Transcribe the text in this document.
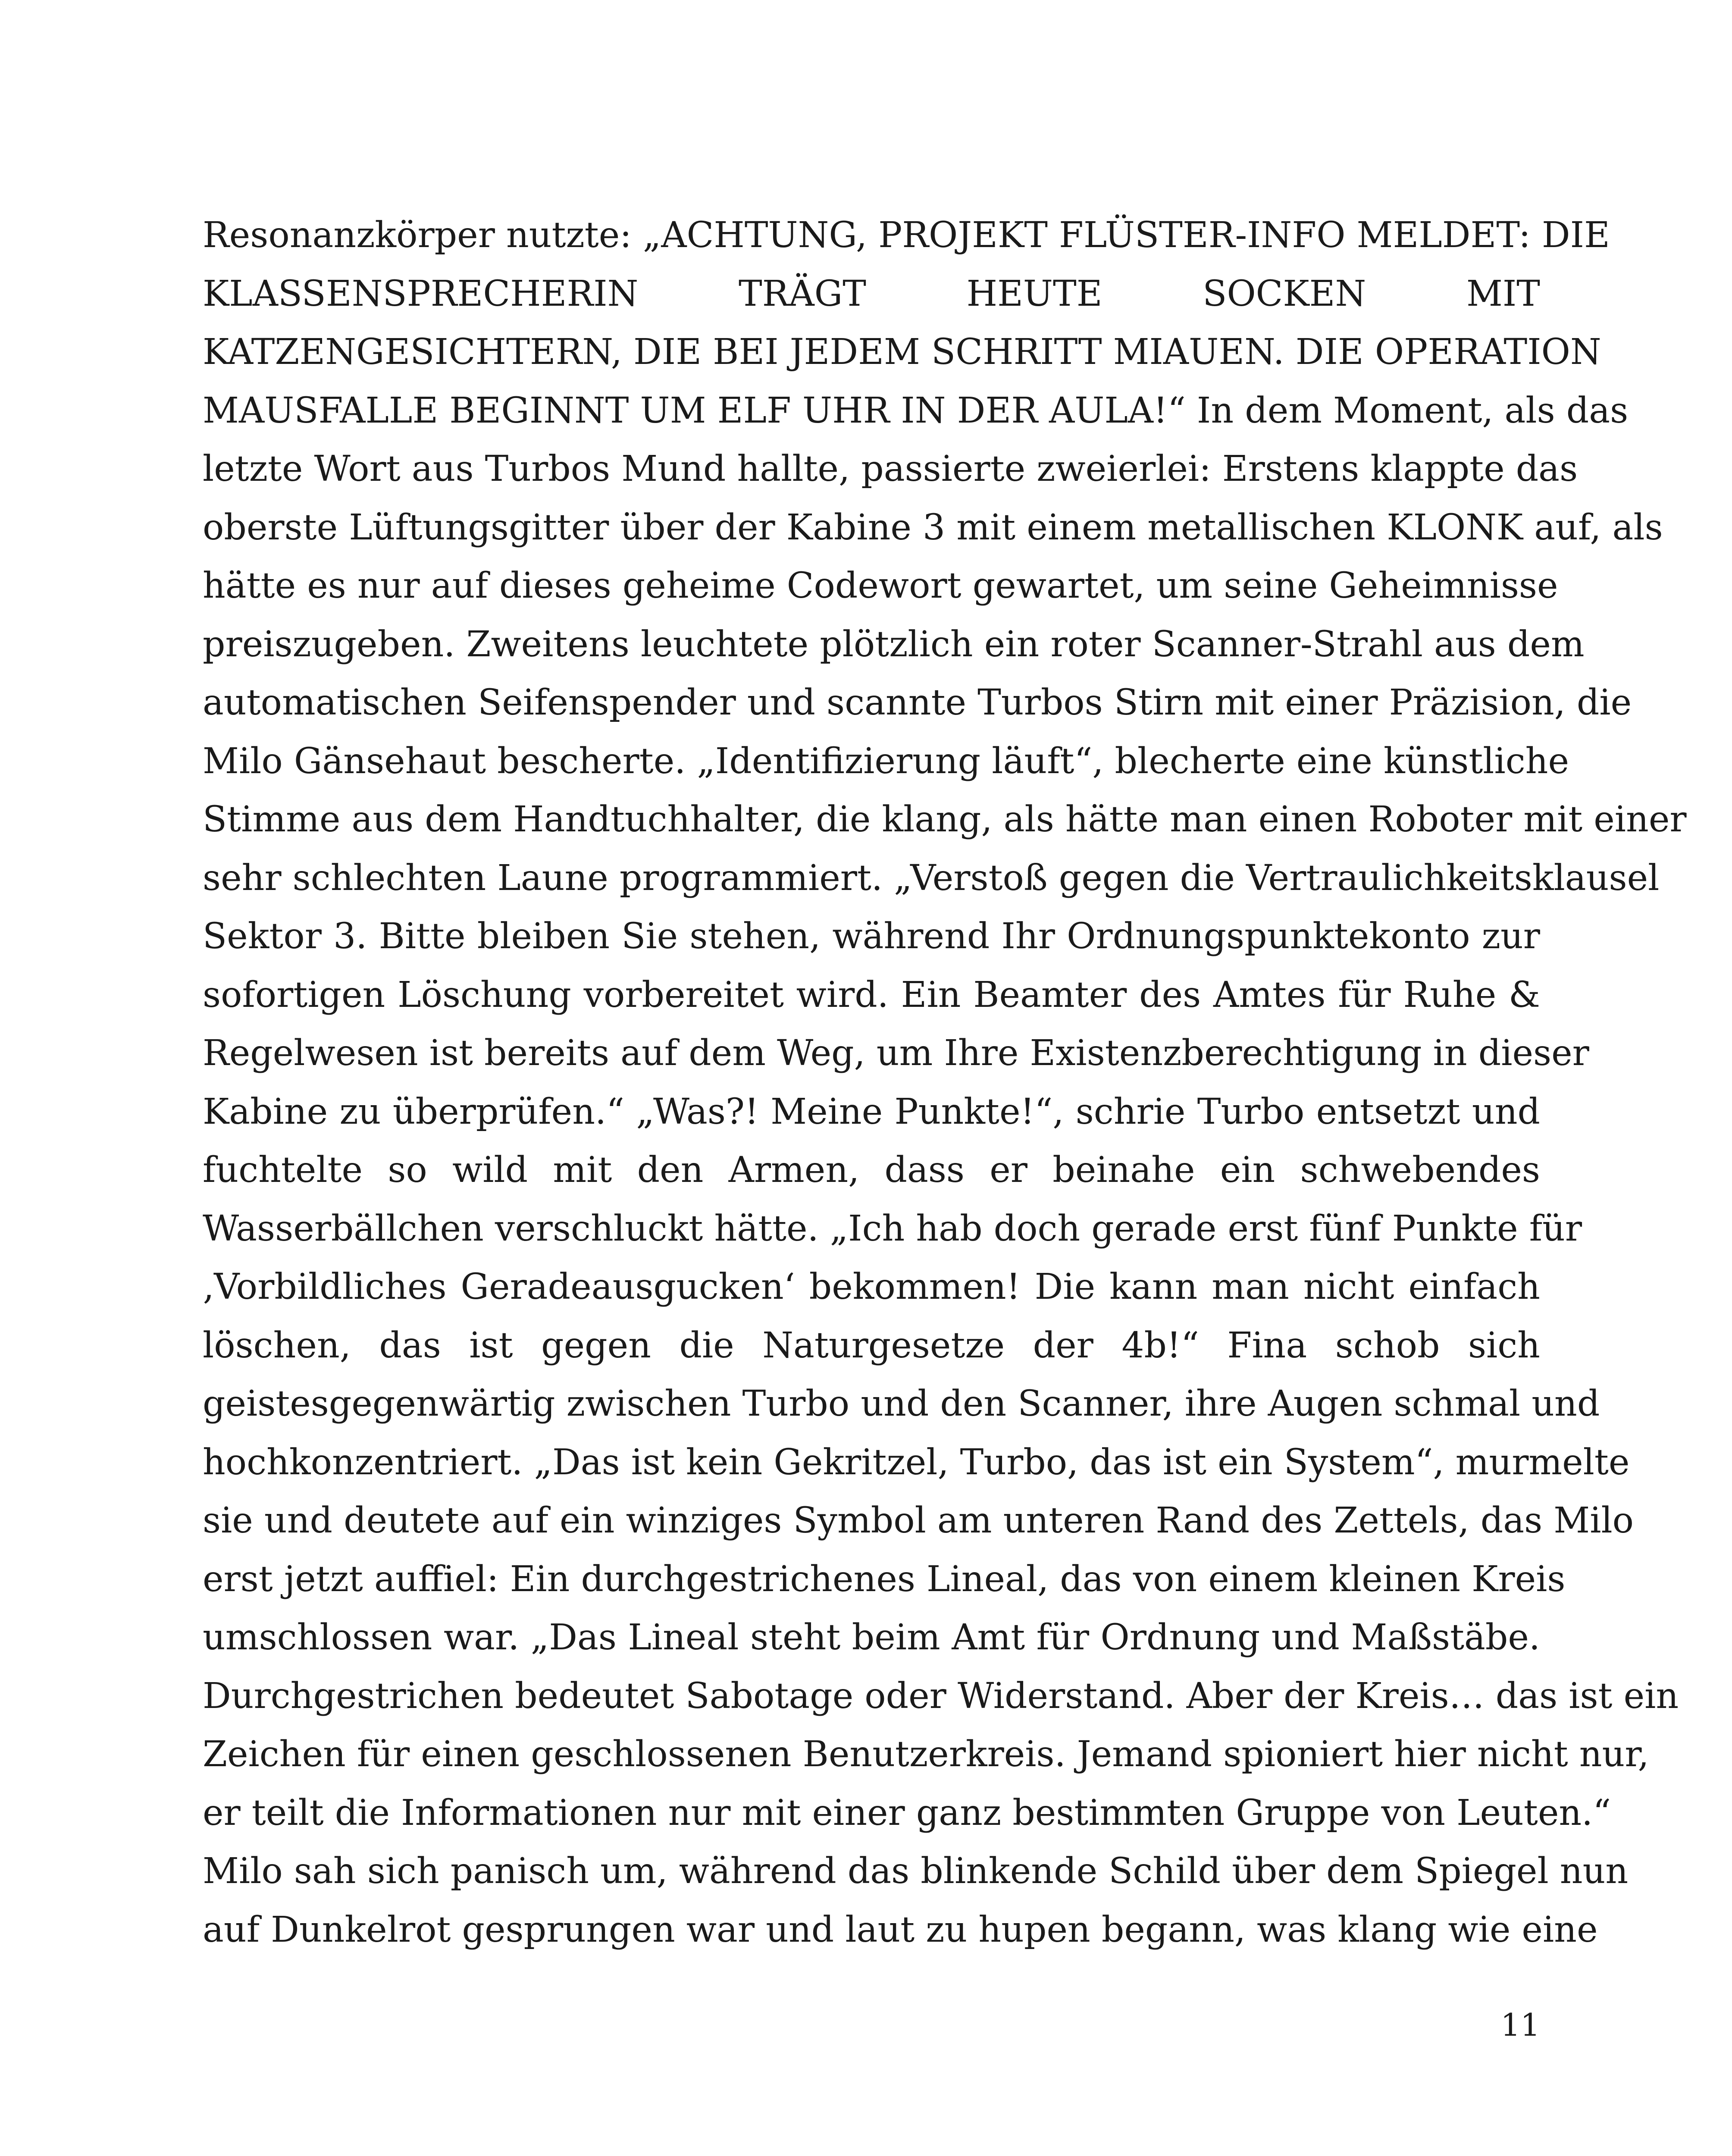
Resonanzkörper nutzte: „ACHTUNG, PROJEKT FLÜSTER-INFO MELDET: DIE
KLASSENSPRECHERIN TRÄGT HEUTE SOCKEN MIT
KATZENGESICHTERN, DIE BEI JEDEM SCHRITT MIAUEN. DIE OPERATION
MAUSFALLE BEGINNT UM ELF UHR IN DER AULA!“ In dem Moment, als das
letzte Wort aus Turbos Mund hallte, passierte zweierlei: Erstens klappte das
oberste Lüftungsgitter über der Kabine 3 mit einem metallischen KLONK auf, als
hätte es nur auf dieses geheime Codewort gewartet, um seine Geheimnisse
preiszugeben. Zweitens leuchtete plötzlich ein roter Scanner-Strahl aus dem
automatischen Seifenspender und scannte Turbos Stirn mit einer Präzision, die
Milo Gänsehaut bescherte. „Identifizierung läuft“, blecherte eine künstliche
Stimme aus dem Handtuchhalter, die klang, als hätte man einen Roboter mit einer
sehr schlechten Laune programmiert. „Verstoß gegen die Vertraulichkeitsklausel
Sektor 3. Bitte bleiben Sie stehen, während Ihr Ordnungspunktekonto zur
sofortigen Löschung vorbereitet wird. Ein Beamter des Amtes für Ruhe &
Regelwesen ist bereits auf dem Weg, um Ihre Existenzberechtigung in dieser
Kabine zu überprüfen.“ „Was?! Meine Punkte!“, schrie Turbo entsetzt und
fuchtelte so wild mit den Armen, dass er beinahe ein schwebendes
Wasserbällchen verschluckt hätte. „Ich hab doch gerade erst fünf Punkte für
‚Vorbildliches Geradeausgucken‘ bekommen! Die kann man nicht einfach
löschen, das ist gegen die Naturgesetze der 4b!“ Fina schob sich
geistesgegenwärtig zwischen Turbo und den Scanner, ihre Augen schmal und
hochkonzentriert. „Das ist kein Gekritzel, Turbo, das ist ein System“, murmelte
sie und deutete auf ein winziges Symbol am unteren Rand des Zettels, das Milo
erst jetzt auffiel: Ein durchgestrichenes Lineal, das von einem kleinen Kreis
umschlossen war. „Das Lineal steht beim Amt für Ordnung und Maßstäbe.
Durchgestrichen bedeutet Sabotage oder Widerstand. Aber der Kreis… das ist ein
Zeichen für einen geschlossenen Benutzerkreis. Jemand spioniert hier nicht nur,
er teilt die Informationen nur mit einer ganz bestimmten Gruppe von Leuten.“
Milo sah sich panisch um, während das blinkende Schild über dem Spiegel nun
auf Dunkelrot gesprungen war und laut zu hupen begann, was klang wie eine
11
